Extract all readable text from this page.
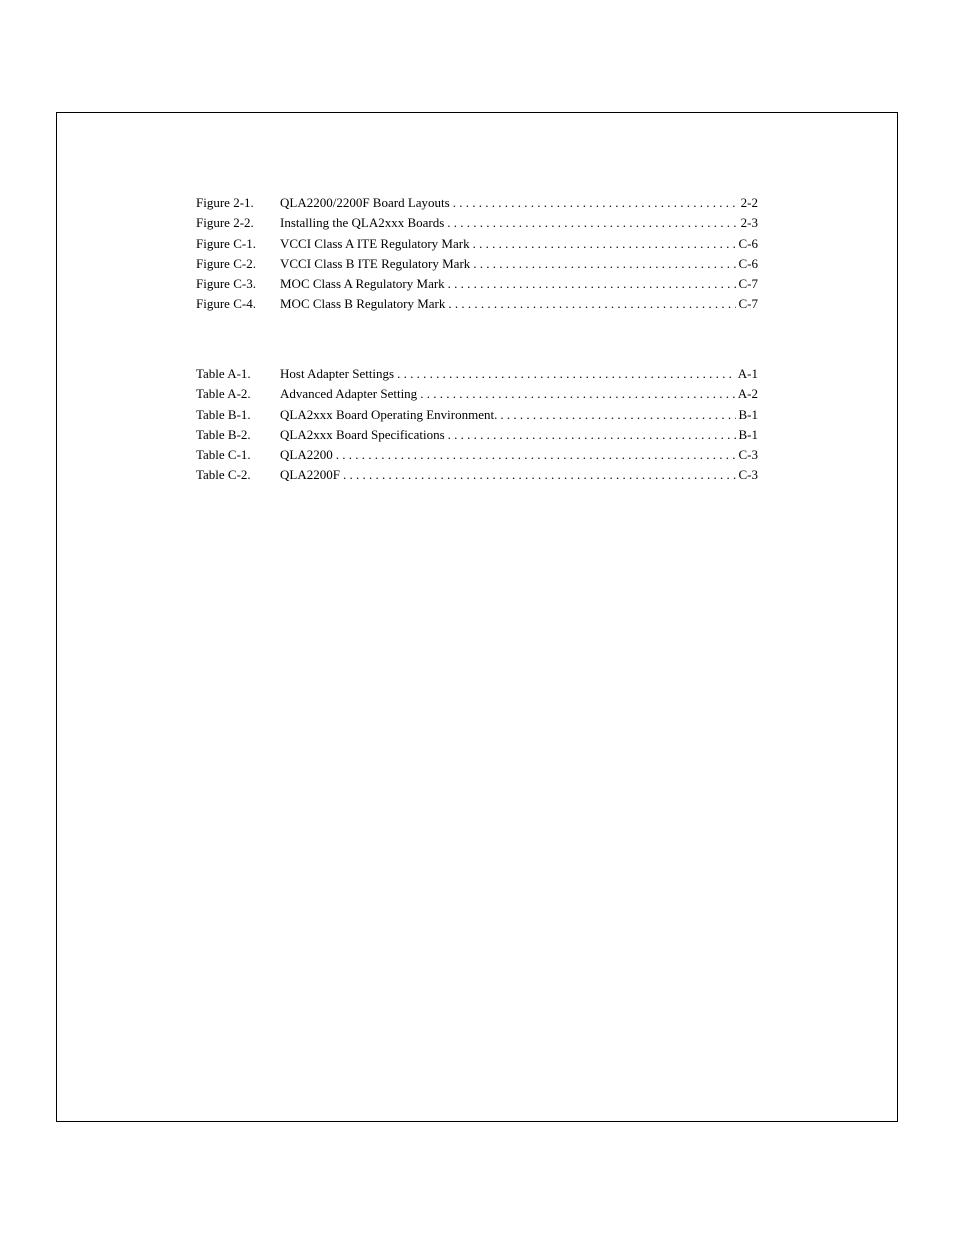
Figure 2-1.	QLA2200/2200F Board Layouts . . .	2-2
Figure 2-2.	Installing the QLA2xxx Boards . . .	2-3
Figure C-1.	VCCI Class A ITE Regulatory Mark . . .	C-6
Figure C-2.	VCCI Class B ITE Regulatory Mark . . .	C-6
Figure C-3.	MOC Class A Regulatory Mark . . .	C-7
Figure C-4.	MOC Class B Regulatory Mark . . .	C-7
Table A-1.	Host Adapter Settings . . .	A-1
Table A-2.	Advanced Adapter Setting . . .	A-2
Table B-1.	QLA2xxx Board Operating Environment. . . .	B-1
Table B-2.	QLA2xxx Board Specifications . . .	B-1
Table C-1.	QLA2200 . . .	C-3
Table C-2.	QLA2200F . . .	C-3
